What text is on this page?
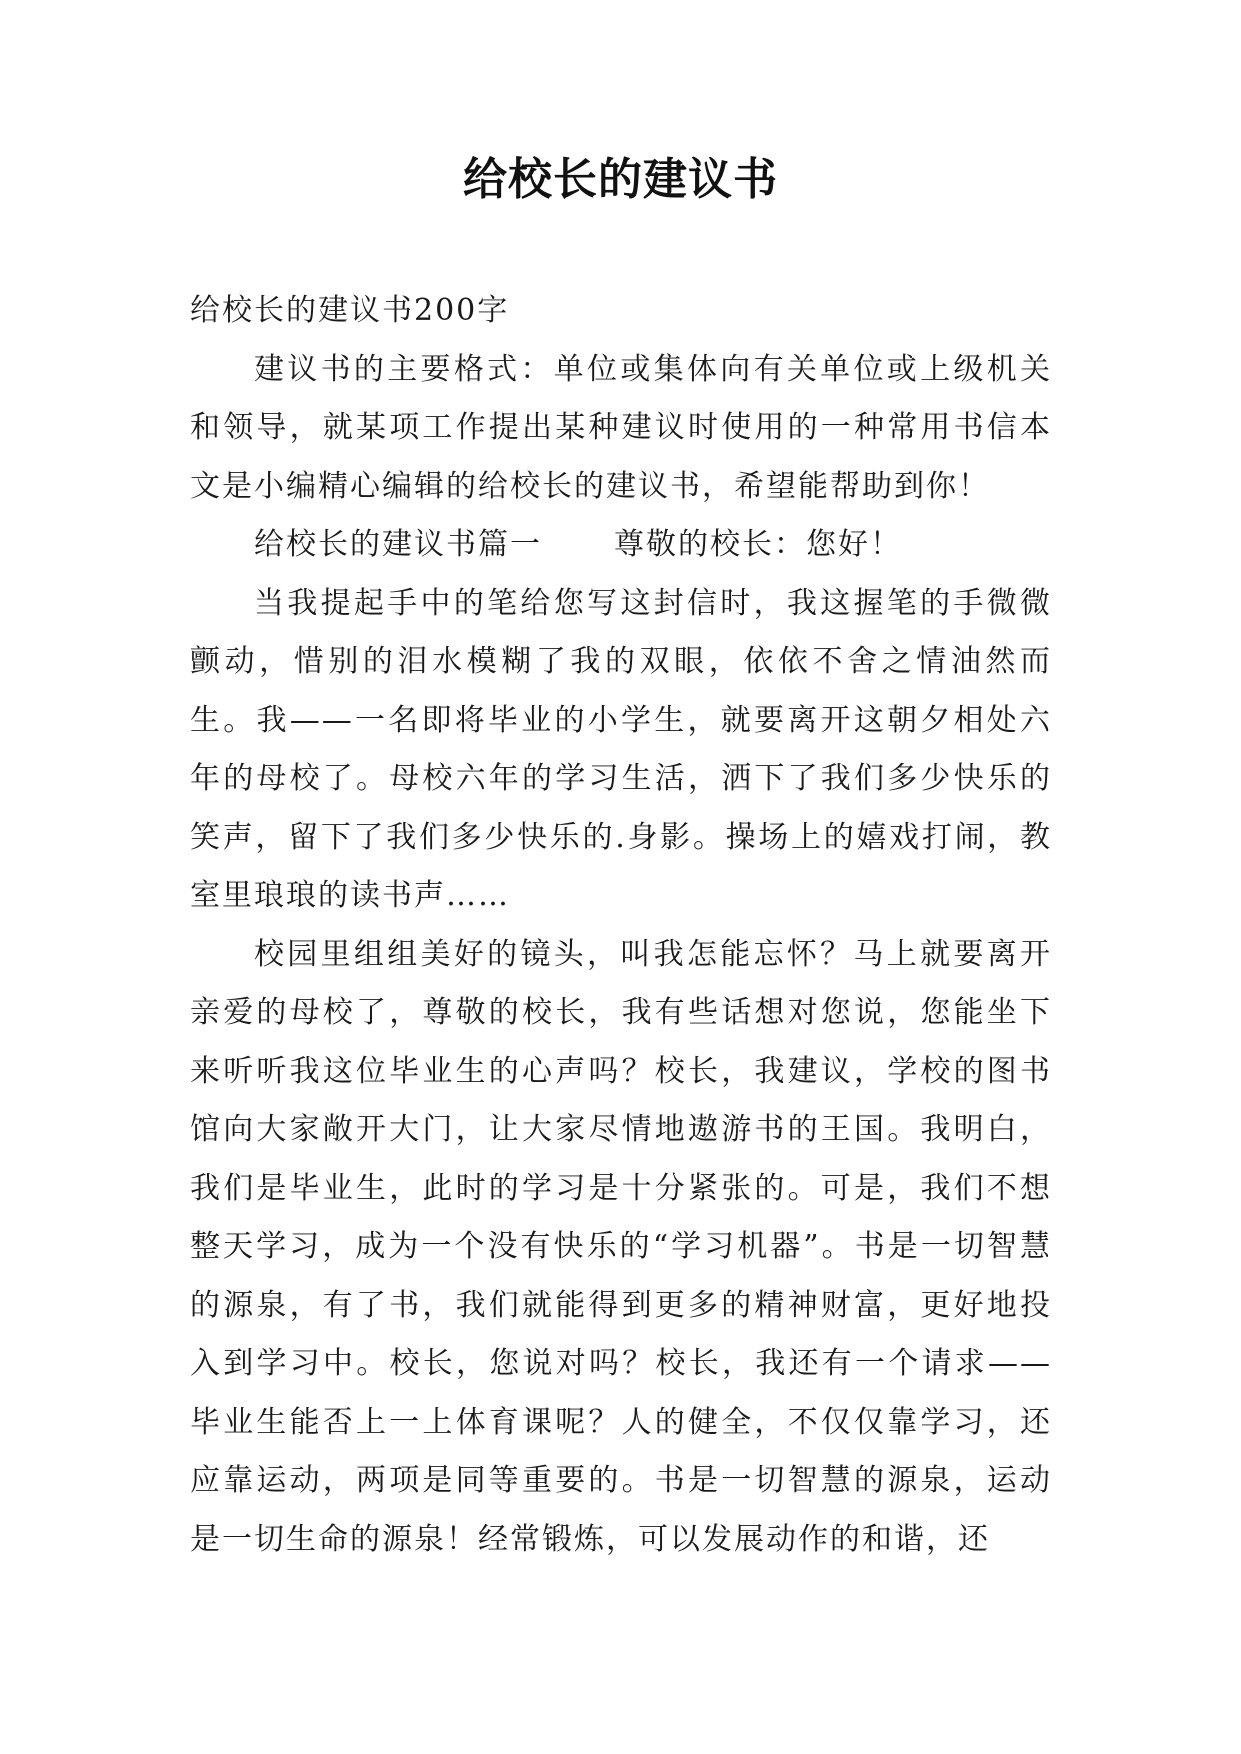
给校长的建议书

给校长的建议书200字

建议书的主要格式：单位或集体向有关单位或上级机关和领导，就某项工作提出某种建议时使用的一种常用书信本文是小编精心编辑的给校长的建议书，希望能帮助到你！

给校长的建议书篇一 尊敬的校长：您好！

当我提起手中的笔给您写这封信时，我这握笔的手微微颤动，惜别的泪水模糊了我的双眼，依依不舍之情油然而生。我——一名即将毕业的小学生，就要离开这朝夕相处六年的母校了。母校六年的学习生活，洒下了我们多少快乐的笑声，留下了我们多少快乐的.身影。操场上的嬉戏打闹，教室里琅琅的读书声……

校园里组组美好的镜头，叫我怎能忘怀？马上就要离开亲爱的母校了，尊敬的校长，我有些话想对您说，您能坐下来听听我这位毕业生的心声吗？校长，我建议，学校的图书馆向大家敞开大门，让大家尽情地遨游书的王国。我明白，我们是毕业生，此时的学习是十分紧张的。可是，我们不想整天学习，成为一个没有快乐的“学习机器”。书是一切智慧的源泉，有了书，我们就能得到更多的精神财富，更好地投入到学习中。校长，您说对吗？校长，我还有一个请求——毕业生能否上一上体育课呢？人的健全，不仅仅靠学习，还应靠运动，两项是同等重要的。书是一切智慧的源泉，运动是一切生命的源泉！经常锻炼，可以发展动作的和谐，还
